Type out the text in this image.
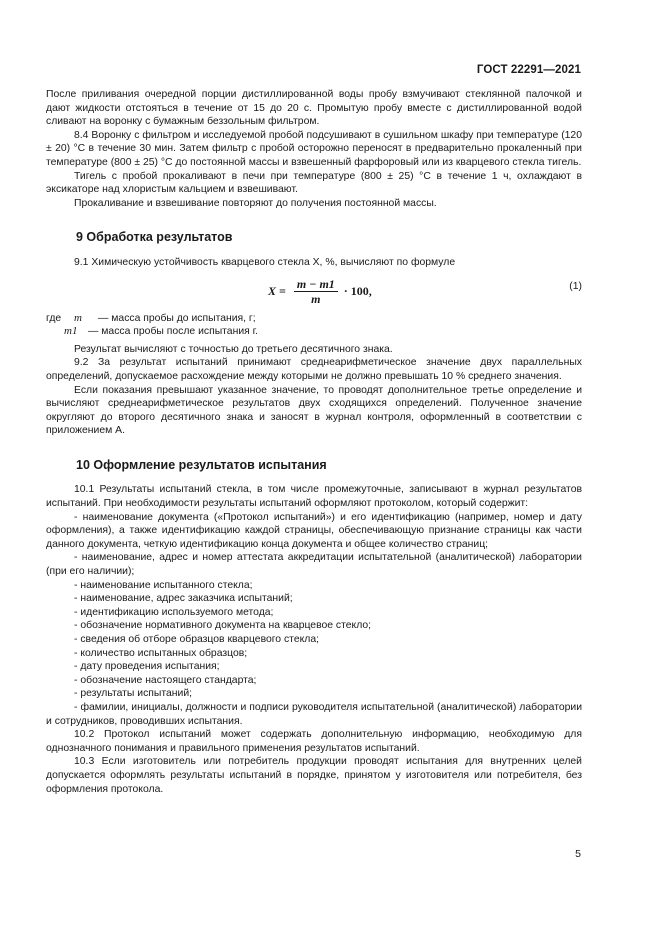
ГОСТ 22291—2021

После приливания очередной порции дистиллированной воды пробу взмучивают стеклянной палочкой и дают жидкости отстояться в течение от 15 до 20 с. Промытую пробу вместе с дистиллированной водой сливают на воронку с бумажным беззольным фильтром.

8.4 Воронку с фильтром и исследуемой пробой подсушивают в сушильном шкафу при температуре (120 ± 20) °С в течение 30 мин. Затем фильтр с пробой осторожно переносят в предварительно прокаленный при температуре (800 ± 25) °С до постоянной массы и взвешенный фарфоровый или из кварцевого стекла тигель.

Тигель с пробой прокаливают в печи при температуре (800 ± 25) °С в течение 1 ч, охлаждают в эксикаторе над хлористым кальцием и взвешивают.

Прокаливание и взвешивание повторяют до получения постоянной массы.

9 Обработка результатов

9.1 Химическую устойчивость кварцевого стекла Х, %, вычисляют по формуле

$X = \frac{m - m1}{m} \cdot 100$,	(1)
где m	— масса пробы до испытания, г;
m1	— масса пробы после испытания г.

Результат вычисляют с точностью до третьего десятичного знака.

9.2 За результат испытаний принимают среднеарифметическое значение двух параллельных определений, допускаемое расхождение между которыми не должно превышать 10 % среднего значения.

Если показания превышают указанное значение, то проводят дополнительное третье определение и вычисляют среднеарифметическое результатов двух сходящихся определений. Полученное значение округляют до второго десятичного знака и заносят в журнал контроля, оформленный в соответствии с приложением А.

10 Оформление результатов испытания

10.1 Результаты испытаний стекла, в том числе промежуточные, записывают в журнал результатов испытаний. При необходимости результаты испытаний оформляют протоколом, который содержит:

- наименование документа («Протокол испытаний») и его идентификацию (например, номер и дату оформления), а также идентификацию каждой страницы, обеспечивающую признание страницы как части данного документа, четкую идентификацию конца документа и общее количество страниц;

- наименование, адрес и номер аттестата аккредитации испытательной (аналитической) лаборатории (при его наличии);

- наименование испытанного стекла;

- наименование, адрес заказчика испытаний;

- идентификацию используемого метода;

- обозначение нормативного документа на кварцевое стекло;

- сведения об отборе образцов кварцевого стекла;

- количество испытанных образцов;

- дату проведения испытания;

- обозначение настоящего стандарта;

- результаты испытаний;

- фамилии, инициалы, должности и подписи руководителя испытательной (аналитической) лаборатории и сотрудников, проводивших испытания.

10.2 Протокол испытаний может содержать дополнительную информацию, необходимую для однозначного понимания и правильного применения результатов испытаний.

10.3 Если изготовитель или потребитель продукции проводят испытания для внутренних целей допускается оформлять результаты испытаний в порядке, принятом у изготовителя или потребителя, без оформления протокола.

5
